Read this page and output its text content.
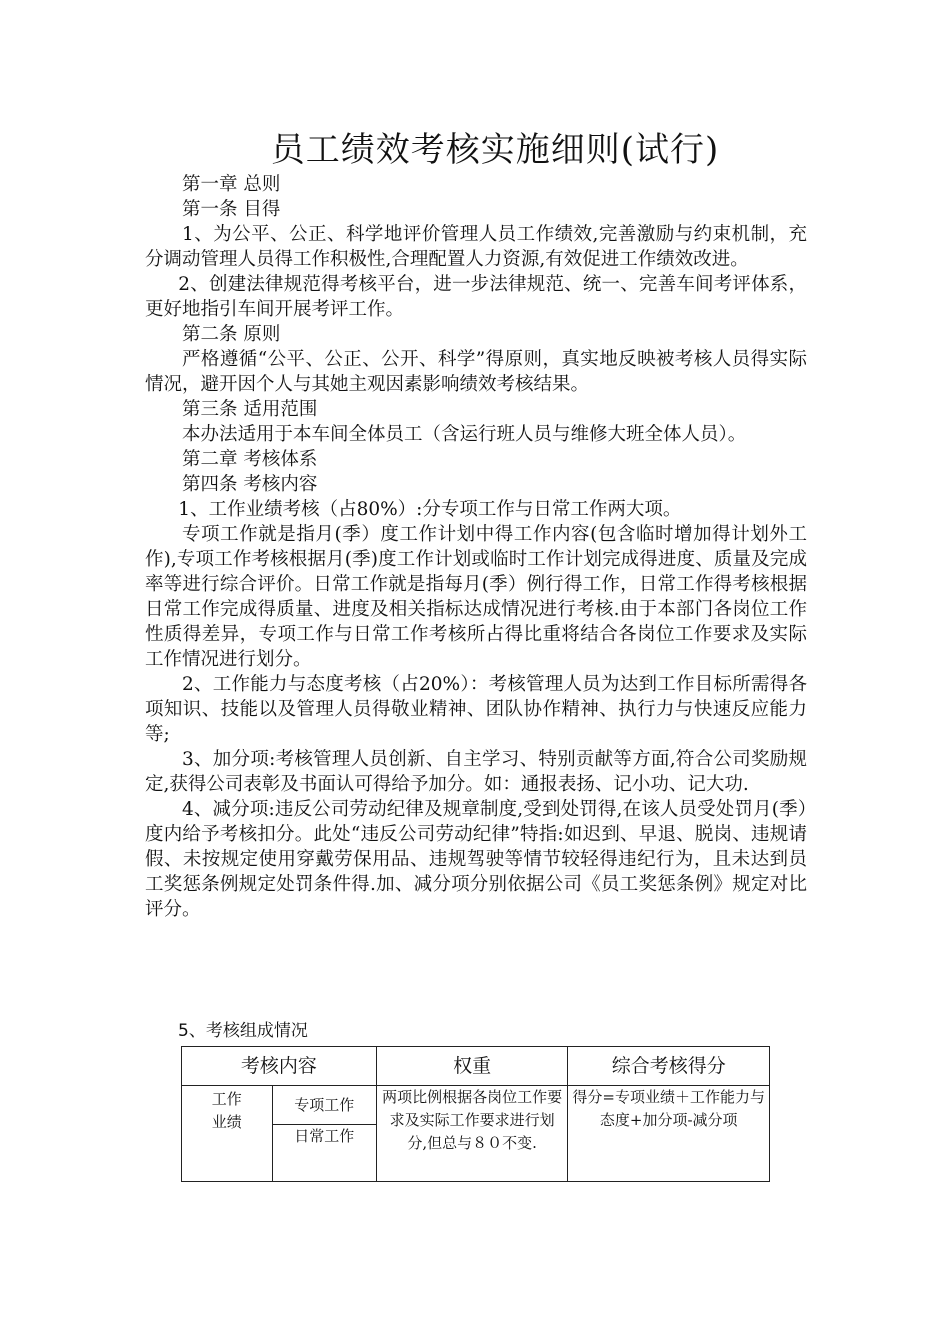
员工绩效考核实施细则(试行)

第一章 总则

第一条 目得

1、为公平、公正、科学地评价管理人员工作绩效,完善激励与约束机制，充分调动管理人员得工作积极性,合理配置人力资源,有效促进工作绩效改进。

2、创建法律规范得考核平台，进一步法律规范、统一、完善车间考评体系，更好地指引车间开展考评工作。

第二条 原则

严格遵循“公平、公正、公开、科学”得原则，真实地反映被考核人员得实际情况，避开因个人与其她主观因素影响绩效考核结果。

第三条 适用范围

本办法适用于本车间全体员工（含运行班人员与维修大班全体人员）。

第二章 考核体系

第四条 考核内容

1、工作业绩考核（占80%）:分专项工作与日常工作两大项。

专项工作就是指月(季）度工作计划中得工作内容(包含临时增加得计划外工作),专项工作考核根据月(季)度工作计划或临时工作计划完成得进度、质量及完成率等进行综合评价。日常工作就是指每月(季）例行得工作，日常工作得考核根据日常工作完成得质量、进度及相关指标达成情况进行考核.由于本部门各岗位工作性质得差异，专项工作与日常工作考核所占得比重将结合各岗位工作要求及实际工作情况进行划分。

2、工作能力与态度考核（占20%）：考核管理人员为达到工作目标所需得各项知识、技能以及管理人员得敬业精神、团队协作精神、执行力与快速反应能力等;

3、加分项:考核管理人员创新、自主学习、特别贡献等方面,符合公司奖励规定,获得公司表彰及书面认可得给予加分。如：通报表扬、记小功、记大功.

4、减分项:违反公司劳动纪律及规章制度,受到处罚得,在该人员受处罚月(季）度内给予考核扣分。此处“违反公司劳动纪律”特指:如迟到、早退、脱岗、违规请假、未按规定使用穿戴劳保用品、违规驾驶等情节较轻得违纪行为，且未达到员工奖惩条例规定处罚条件得.加、减分项分别依据公司《员工奖惩条例》规定对比评分。

5、考核组成情况
考核内容		权重	综合考核得分
工作业绩	专项工作	两项比例根据各岗位工作要求及实际工作要求进行划分,但总与８０不变.	得分=专项业绩＋工作能力与态度+加分项-减分项
	日常工作		
